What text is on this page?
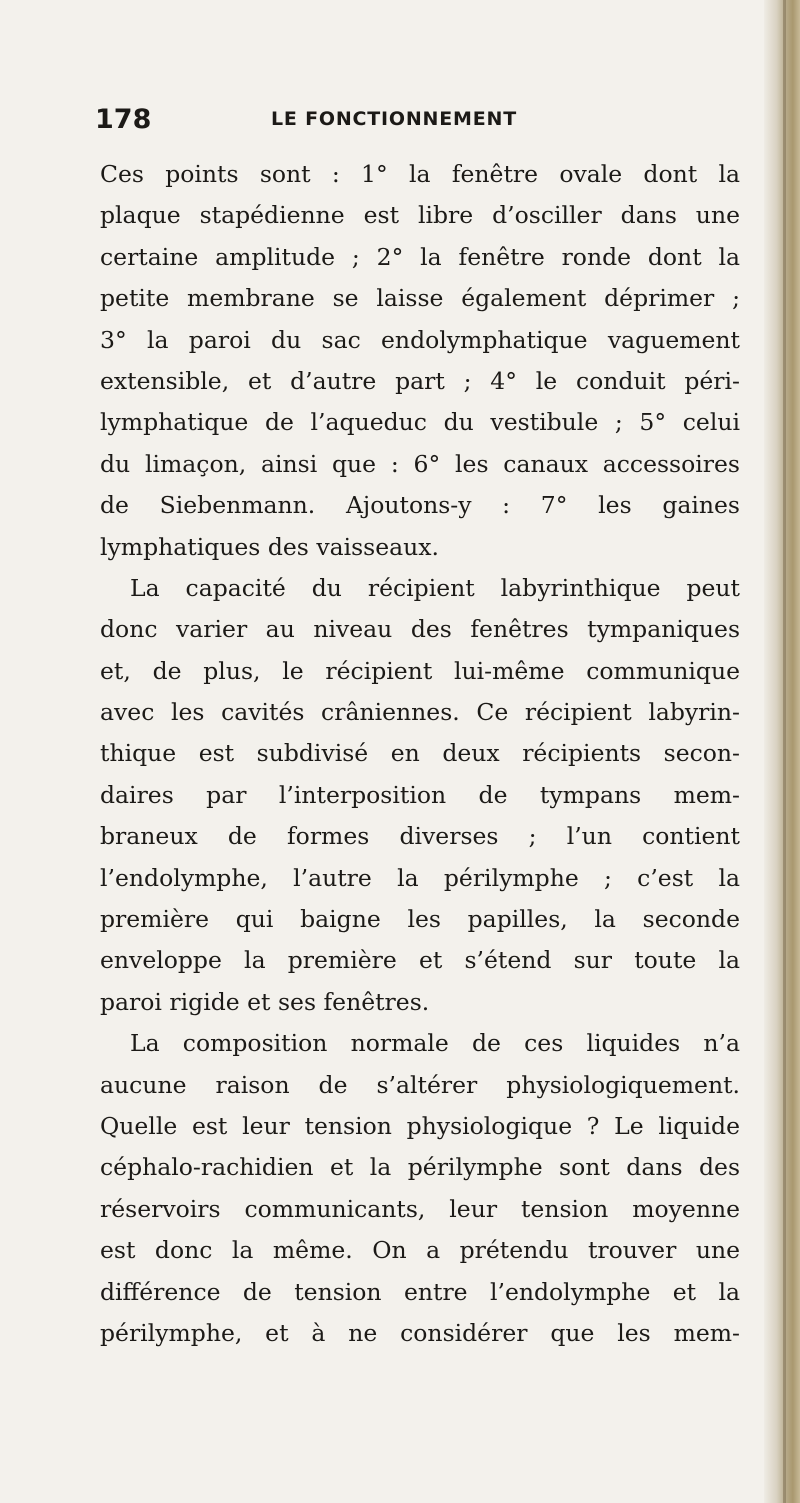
178	LE FONCTIONNEMENT
Ces points sont : 1° la fenêtre ovale dont la
plaque stapédienne est libre d’osciller dans une
certaine amplitude ; 2° la fenêtre ronde dont la
petite membrane se laisse également déprimer ;
3° la paroi du sac endolymphatique vaguement
extensible, et d’autre part ; 4° le conduit péri-
lymphatique de l’aqueduc du vestibule ; 5° celui
du limaçon, ainsi que : 6° les canaux accessoires
de Siebenmann. Ajoutons-y : 7° les gaines
lymphatiques des vaisseaux.
La capacité du récipient labyrinthique peut
donc varier au niveau des fenêtres tympaniques
et, de plus, le récipient lui-même communique
avec les cavités crâniennes. Ce récipient labyrin-
thique est subdivisé en deux récipients secon-
daires par l’interposition de tympans mem-
braneux de formes diverses ; l’un contient
l’endolymphe, l’autre la périlymphe ; c’est la
première qui baigne les papilles, la seconde
enveloppe la première et s’étend sur toute la
paroi rigide et ses fenêtres.
La composition normale de ces liquides n’a
aucune raison de s’altérer physiologiquement.
Quelle est leur tension physiologique ? Le liquide
céphalo-rachidien et la périlymphe sont dans des
réservoirs communicants, leur tension moyenne
est donc la même. On a prétendu trouver une
différence de tension entre l’endolymphe et la
périlymphe, et à ne considérer que les mem-
